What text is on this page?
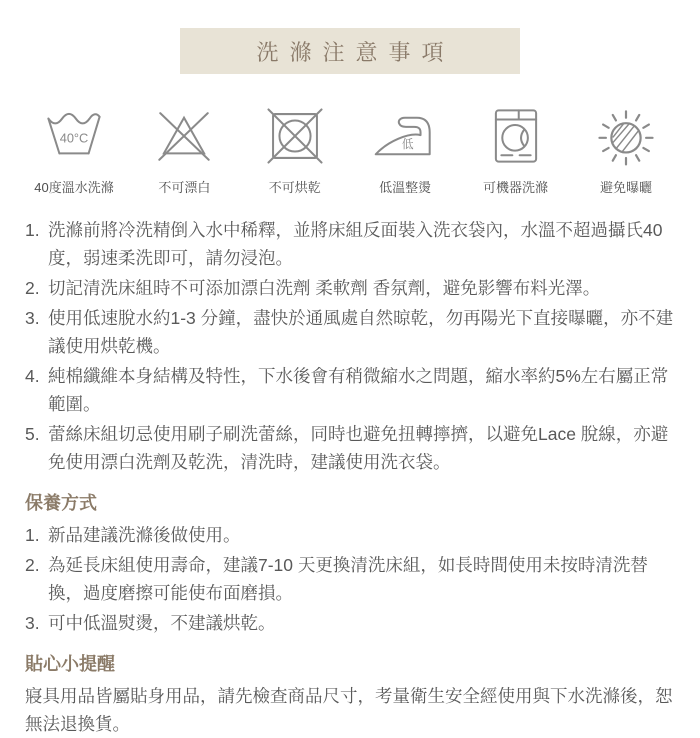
洗滌注意事項
40°C
40度溫水洗滌	不可漂白	不可烘乾
低
低溫整燙	可機器洗滌	避免曝曬
1. 洗滌前將冷洗精倒入水中稀釋，並將床組反面裝入洗衣袋內，水溫不超過攝氏40度，弱速柔洗即可，請勿浸泡。
2. 切記清洗床組時不可添加漂白洗劑 柔軟劑 香氛劑，避免影響布料光澤。
3. 使用低速脫水約1-3 分鐘，盡快於通風處自然晾乾，勿再陽光下直接曝曬，亦不建議使用烘乾機。
4. 純棉纖維本身結構及特性，下水後會有稍微縮水之問題，縮水率約5%左右屬正常範圍。
5. 蕾絲床組切忌使用刷子刷洗蕾絲，同時也避免扭轉擰擠，以避免Lace 脫線，亦避免使用漂白洗劑及乾洗，清洗時，建議使用洗衣袋。
保養方式
1. 新品建議洗滌後做使用。
2. 為延長床組使用壽命，建議7-10 天更換清洗床組，如長時間使用未按時清洗替換，過度磨擦可能使布面磨損。
3. 可中低溫熨燙，不建議烘乾。
貼心小提醒
寢具用品皆屬貼身用品，請先檢查商品尺寸，考量衛生安全經使用與下水洗滌後，恕無法退換貨。
